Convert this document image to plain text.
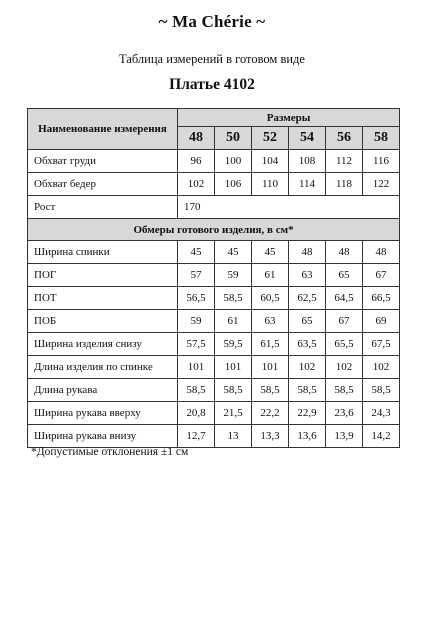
~ Ma Chérie ~
Таблица измерений в готовом виде
Платье 4102
Наименование измерения	Размеры					
	48	50	52	54	56	58
Обхват груди	96	100	104	108	112	116
Обхват бедер	102	106	110	114	118	122
Рост	170					
Обмеры готового изделия, в см*						
Ширина спинки	45	45	45	48	48	48
ПОГ	57	59	61	63	65	67
ПОТ	56,5	58,5	60,5	62,5	64,5	66,5
ПОБ	59	61	63	65	67	69
Ширина изделия снизу	57,5	59,5	61,5	63,5	65,5	67,5
Длина изделия по спинке	101	101	101	102	102	102
Длина рукава	58,5	58,5	58,5	58,5	58,5	58,5
Ширина рукава вверху	20,8	21,5	22,2	22,9	23,6	24,3
Ширина рукава внизу	12,7	13	13,3	13,6	13,9	14,2
*Допустимые отклонения ±1 см
